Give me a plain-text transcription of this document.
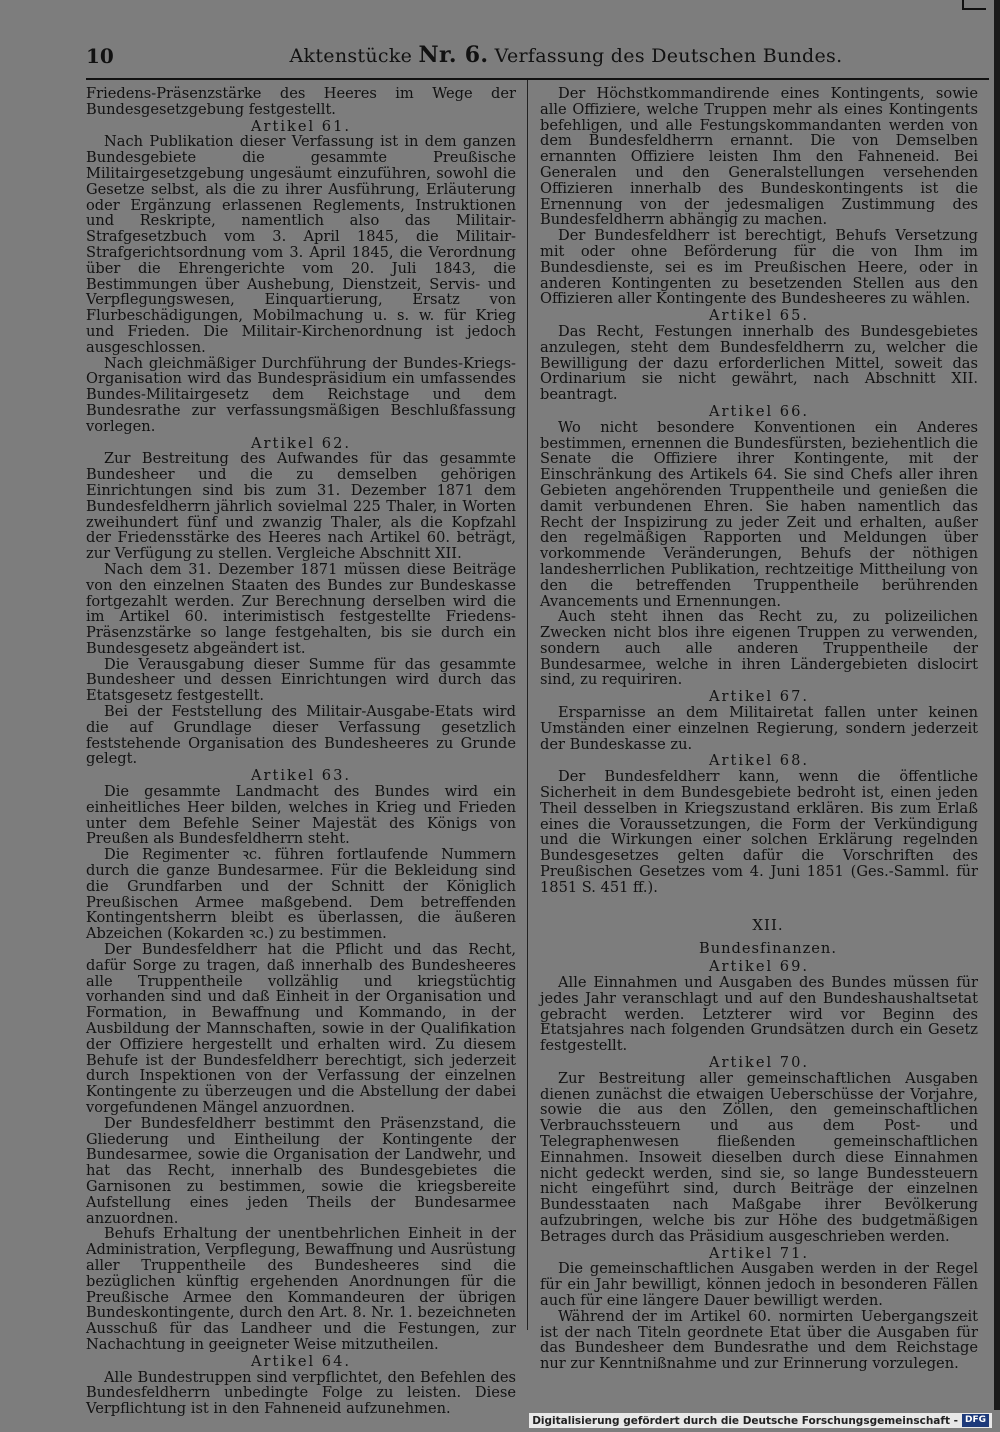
10	Aktenstücke Nr. 6. Verfassung des Deutschen Bundes.

Friedens-Präsenzstärke des Heeres im Wege der Bundesgesetzgebung festgestellt.

Artikel 61.

Nach Publikation dieser Verfassung ist in dem ganzen Bundesgebiete die gesammte Preußische Militairgesetzgebung ungesäumt einzuführen, sowohl die Gesetze selbst, als die zu ihrer Ausführung, Erläuterung oder Ergänzung erlassenen Reglements, Instruktionen und Reskripte, namentlich also das Militair-Strafgesetzbuch vom 3. April 1845, die Militair-Strafgerichtsordnung vom 3. April 1845, die Verordnung über die Ehrengerichte vom 20. Juli 1843, die Bestimmungen über Aushebung, Dienstzeit, Servis- und Verpflegungswesen, Einquartierung, Ersatz von Flurbeschädigungen, Mobilmachung u. s. w. für Krieg und Frieden. Die Militair-Kirchenordnung ist jedoch ausgeschlossen.

Nach gleichmäßiger Durchführung der Bundes-Kriegs-Organisation wird das Bundespräsidium ein umfassendes Bundes-Militairgesetz dem Reichstage und dem Bundesrathe zur verfassungsmäßigen Beschlußfassung vorlegen.

Artikel 62.

Zur Bestreitung des Aufwandes für das gesammte Bundesheer und die zu demselben gehörigen Einrichtungen sind bis zum 31. Dezember 1871 dem Bundesfeldherrn jährlich sovielmal 225 Thaler, in Worten zweihundert fünf und zwanzig Thaler, als die Kopfzahl der Friedensstärke des Heeres nach Artikel 60. beträgt, zur Verfügung zu stellen. Vergleiche Abschnitt XII.

Nach dem 31. Dezember 1871 müssen diese Beiträge von den einzelnen Staaten des Bundes zur Bundeskasse fortgezahlt werden. Zur Berechnung derselben wird die im Artikel 60. interimistisch festgestellte Friedens-Präsenzstärke so lange festgehalten, bis sie durch ein Bundesgesetz abgeändert ist.

Die Verausgabung dieser Summe für das gesammte Bundesheer und dessen Einrichtungen wird durch das Etatsgesetz festgestellt.

Bei der Feststellung des Militair-Ausgabe-Etats wird die auf Grundlage dieser Verfassung gesetzlich feststehende Organisation des Bundesheeres zu Grunde gelegt.

Artikel 63.

Die gesammte Landmacht des Bundes wird ein einheitliches Heer bilden, welches in Krieg und Frieden unter dem Befehle Seiner Majestät des Königs von Preußen als Bundesfeldherrn steht.

Die Regimenter ꝛc. führen fortlaufende Nummern durch die ganze Bundesarmee. Für die Bekleidung sind die Grundfarben und der Schnitt der Königlich Preußischen Armee maßgebend. Dem betreffenden Kontingentsherrn bleibt es überlassen, die äußeren Abzeichen (Kokarden ꝛc.) zu bestimmen.

Der Bundesfeldherr hat die Pflicht und das Recht, dafür Sorge zu tragen, daß innerhalb des Bundesheeres alle Truppentheile vollzählig und kriegstüchtig vorhanden sind und daß Einheit in der Organisation und Formation, in Bewaffnung und Kommando, in der Ausbildung der Mannschaften, sowie in der Qualifikation der Offiziere hergestellt und erhalten wird. Zu diesem Behufe ist der Bundesfeldherr berechtigt, sich jederzeit durch Inspektionen von der Verfassung der einzelnen Kontingente zu überzeugen und die Abstellung der dabei vorgefundenen Mängel anzuordnen.

Der Bundesfeldherr bestimmt den Präsenzstand, die Gliederung und Eintheilung der Kontingente der Bundesarmee, sowie die Organisation der Landwehr, und hat das Recht, innerhalb des Bundesgebietes die Garnisonen zu bestimmen, sowie die kriegsbereite Aufstellung eines jeden Theils der Bundesarmee anzuordnen.

Behufs Erhaltung der unentbehrlichen Einheit in der Administration, Verpflegung, Bewaffnung und Ausrüstung aller Truppentheile des Bundesheeres sind die bezüglichen künftig ergehenden Anordnungen für die Preußische Armee den Kommandeuren der übrigen Bundeskontingente, durch den Art. 8. Nr. 1. bezeichneten Ausschuß für das Landheer und die Festungen, zur Nachachtung in geeigneter Weise mitzutheilen.

Artikel 64.

Alle Bundestruppen sind verpflichtet, den Befehlen des Bundesfeldherrn unbedingte Folge zu leisten. Diese Verpflichtung ist in den Fahneneid aufzunehmen.

Der Höchstkommandirende eines Kontingents, sowie alle Offiziere, welche Truppen mehr als eines Kontingents befehligen, und alle Festungskommandanten werden von dem Bundesfeldherrn ernannt. Die von Demselben ernannten Offiziere leisten Ihm den Fahneneid. Bei Generalen und den Generalstellungen versehenden Offizieren innerhalb des Bundeskontingents ist die Ernennung von der jedesmaligen Zustimmung des Bundesfeldherrn abhängig zu machen.

Der Bundesfeldherr ist berechtigt, Behufs Versetzung mit oder ohne Beförderung für die von Ihm im Bundesdienste, sei es im Preußischen Heere, oder in anderen Kontingenten zu besetzenden Stellen aus den Offizieren aller Kontingente des Bundesheeres zu wählen.

Artikel 65.

Das Recht, Festungen innerhalb des Bundesgebietes anzulegen, steht dem Bundesfeldherrn zu, welcher die Bewilligung der dazu erforderlichen Mittel, soweit das Ordinarium sie nicht gewährt, nach Abschnitt XII. beantragt.

Artikel 66.

Wo nicht besondere Konventionen ein Anderes bestimmen, ernennen die Bundesfürsten, beziehentlich die Senate die Offiziere ihrer Kontingente, mit der Einschränkung des Artikels 64. Sie sind Chefs aller ihren Gebieten angehörenden Truppentheile und genießen die damit verbundenen Ehren. Sie haben namentlich das Recht der Inspizirung zu jeder Zeit und erhalten, außer den regelmäßigen Rapporten und Meldungen über vorkommende Veränderungen, Behufs der nöthigen landesherrlichen Publikation, rechtzeitige Mittheilung von den die betreffenden Truppentheile berührenden Avancements und Ernennungen.

Auch steht ihnen das Recht zu, zu polizeilichen Zwecken nicht blos ihre eigenen Truppen zu verwenden, sondern auch alle anderen Truppentheile der Bundesarmee, welche in ihren Ländergebieten dislocirt sind, zu requiriren.

Artikel 67.

Ersparnisse an dem Militairetat fallen unter keinen Umständen einer einzelnen Regierung, sondern jederzeit der Bundeskasse zu.

Artikel 68.

Der Bundesfeldherr kann, wenn die öffentliche Sicherheit in dem Bundesgebiete bedroht ist, einen jeden Theil desselben in Kriegszustand erklären. Bis zum Erlaß eines die Voraussetzungen, die Form der Verkündigung und die Wirkungen einer solchen Erklärung regelnden Bundesgesetzes gelten dafür die Vorschriften des Preußischen Gesetzes vom 4. Juni 1851 (Ges.-Samml. für 1851 S. 451 ff.).

XII.

Bundesfinanzen.

Artikel 69.

Alle Einnahmen und Ausgaben des Bundes müssen für jedes Jahr veranschlagt und auf den Bundeshaushaltsetat gebracht werden. Letzterer wird vor Beginn des Etatsjahres nach folgenden Grundsätzen durch ein Gesetz festgestellt.

Artikel 70.

Zur Bestreitung aller gemeinschaftlichen Ausgaben dienen zunächst die etwaigen Ueberschüsse der Vorjahre, sowie die aus den Zöllen, den gemeinschaftlichen Verbrauchssteuern und aus dem Post- und Telegraphenwesen fließenden gemeinschaftlichen Einnahmen. Insoweit dieselben durch diese Einnahmen nicht gedeckt werden, sind sie, so lange Bundessteuern nicht eingeführt sind, durch Beiträge der einzelnen Bundesstaaten nach Maßgabe ihrer Bevölkerung aufzubringen, welche bis zur Höhe des budgetmäßigen Betrages durch das Präsidium ausgeschrieben werden.

Artikel 71.

Die gemeinschaftlichen Ausgaben werden in der Regel für ein Jahr bewilligt, können jedoch in besonderen Fällen auch für eine längere Dauer bewilligt werden.

Während der im Artikel 60. normirten Uebergangszeit ist der nach Titeln geordnete Etat über die Ausgaben für das Bundesheer dem Bundesrathe und dem Reichstage nur zur Kenntnißnahme und zur Erinnerung vorzulegen.

Digitalisierung gefördert durch die Deutsche Forschungsgemeinschaft - DFG
